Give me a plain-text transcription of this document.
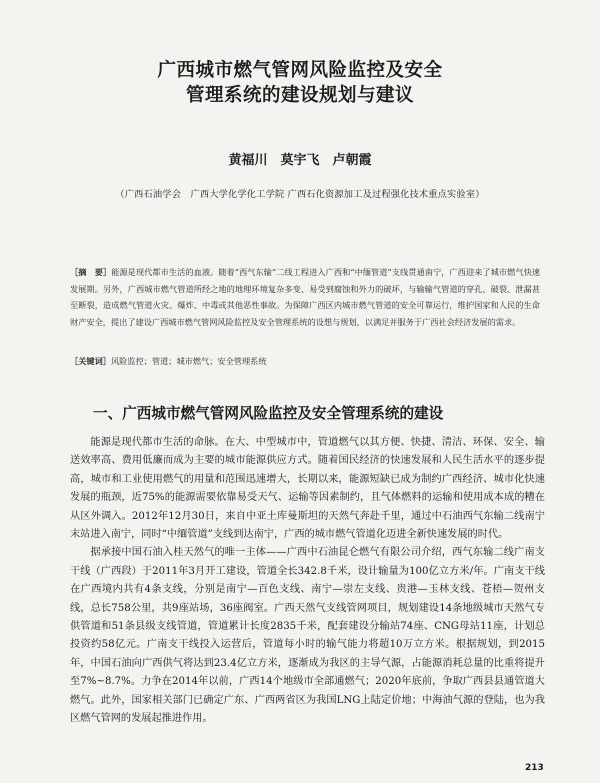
广西城市燃气管网风险监控及安全
管理系统的建设规划与建议
黄福川　莫宇飞　卢朝霞
（广西石油学会　广西大学化学化工学院 广西石化资源加工及过程强化技术重点实验室）
［摘　要］能源是现代都市生活的血液。随着“西气东输”二线工程进入广西和“中缅管道”支线贯通南宁，广西迎来了城市燃气快速发展期。另外，广西城市燃气管道所经之地的地理环境复杂多变、易受到腐蚀和外力的破坏，与输输气管道的穿孔、破裂、泄漏甚至断裂，造成燃气管道火灾、爆炸、中毒或其他恶性事故。为保障广西区内城市燃气管道的安全可靠运行，维护国家和人民的生命财产安全，提出了建设广西城市燃气管网风险监控及安全管理系统的设想与规划，以满足并服务于广西社会经济发展的需求。
［关键词］风险监控；管道；城市燃气；安全管理系统
一、广西城市燃气管网风险监控及安全管理系统的建设

能源是现代都市生活的命脉。在大、中型城市中，管道燃气以其方便、快捷、清洁、环保、安全、输送效率高、费用低廉而成为主要的城市能源供应方式。随着国民经济的快速发展和人民生活水平的逐步提高，城市和工业使用燃气的用量和范围迅速增大，长期以来，能源短缺已成为制约广西经济、城市化快速发展的瓶颈，近75%的能源需要依靠易受天气、运输等因素制约，且气体燃料的运输和使用成本成的糟在从区外调入。2012年12月30日，来自中亚土库曼斯坦的天然气奔赴千里，通过中石油西气东输二线南宁末站进入南宁，同时“中缅管道”支线到达南宁，广西的城市燃气管道化迈进全新快速发展的时代。

据承接中国石油入桂天然气的唯一主体——广西中石油昆仑燃气有限公司介绍，西气东输二线广南支干线（广西段）于2011年3月开工建设，管道全长342.8千米，设计输量为100亿立方米/年。广南支干线在广西境内共有4条支线，分别是南宁—百色支线、南宁—崇左支线、贵港—玉林支线、苍梧—贺州支线，总长758公里，共9座站场，36座阀室。广西天然气支线管网项目，规划建设14条地级城市天然气专供管道和51条县级支线管道，管道累计长度2835千米，配套建设分输站74座、CNG母站11座，计划总投资约58亿元。广南支干线投入运营后，管道每小时的输气能力将超10万立方米。根据规划，到2015年，中国石油向广西供气将达到23.4亿立方米，逐渐成为我区的主导气源，占能源消耗总量的比重将提升至7%~8.7%。力争在2014年以前，广西14个地级市全部通燃气；2020年底前，争取广西县县通管道大燃气。此外，国家相关部门已确定广东、广西两省区为我国LNG上陆定价地；中海油气源的登陆，也为我区燃气管网的发展起推进作用。

213
